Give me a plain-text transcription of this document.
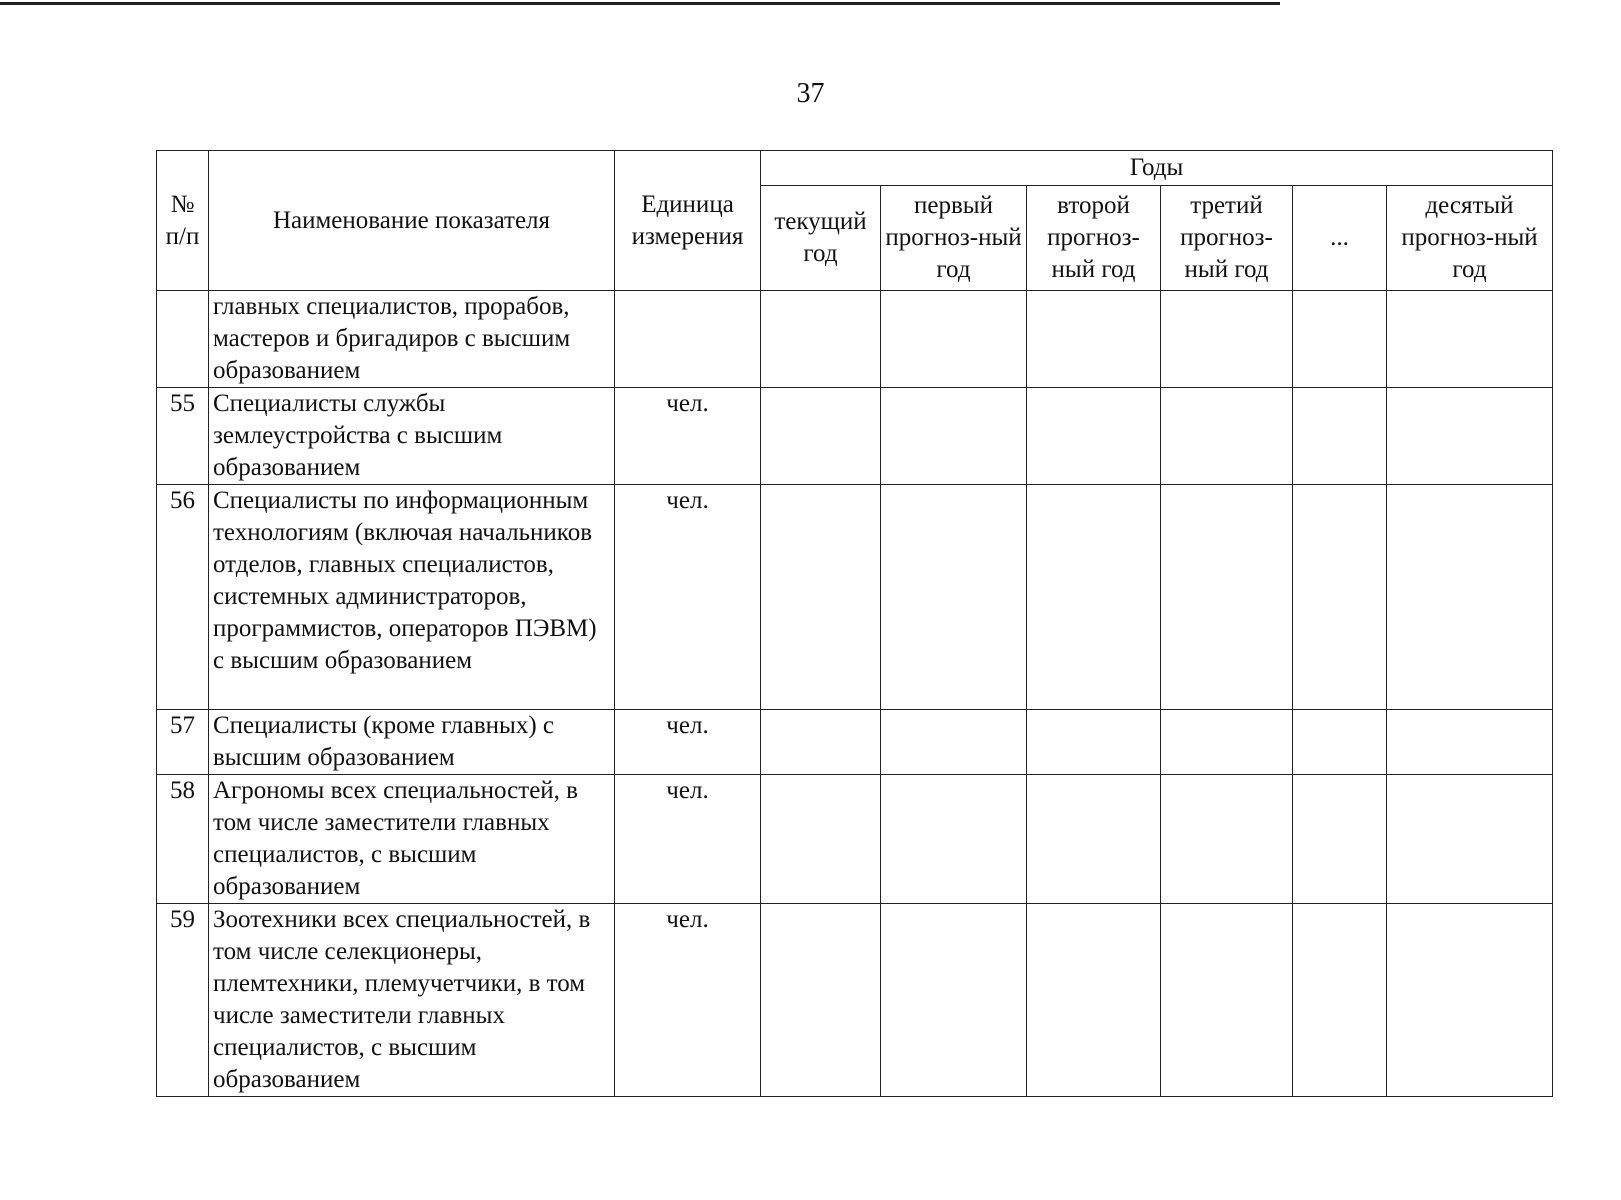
37
№ п/п	Наименование показателя	Единица измерения	Годы					
			текущий год	первый прогноз-ный год	второй прогноз-ный год	третий прогноз-ный год	...	десятый прогноз-ный год
	главных специалистов, прорабов, мастеров и бригадиров с высшим образованием							
55	Специалисты службы землеустройства с высшим образованием	чел.						
56	Специалисты по информационным технологиям (включая начальников отделов, главных специалистов, системных администраторов, программистов, операторов ПЭВМ) с высшим образованием	чел.						
57	Специалисты (кроме главных) с высшим образованием	чел.						
58	Агрономы всех специальностей, в том числе заместители главных специалистов, с высшим образованием	чел.						
59	Зоотехники всех специальностей, в том числе селекционеры, племтехники, племучетчики, в том числе заместители главных специалистов, с высшим образованием	чел.						
